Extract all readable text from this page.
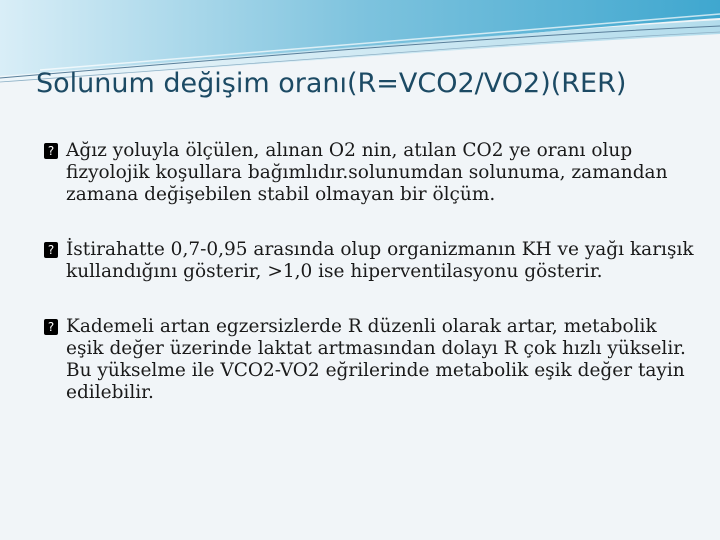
Solunum değişim oranı(R=VCO2/VO2)(RER)
? Ağız yoluyla ölçülen, alınan O2 nin, atılan CO2 ye oranı olup fizyolojik koşullara bağımlıdır.solunumdan solunuma, zamandan zamana değişebilen stabil olmayan bir ölçüm.
? İstirahatte 0,7-0,95 arasında olup organizmanın KH ve yağı karışık kullandığını gösterir, >1,0 ise hiperventilasyonu gösterir.
? Kademeli artan egzersizlerde R düzenli olarak artar, metabolik eşik değer üzerinde laktat artmasından dolayı R çok hızlı yükselir. Bu yükselme ile VCO2-VO2 eğrilerinde metabolik eşik değer tayin edilebilir.
